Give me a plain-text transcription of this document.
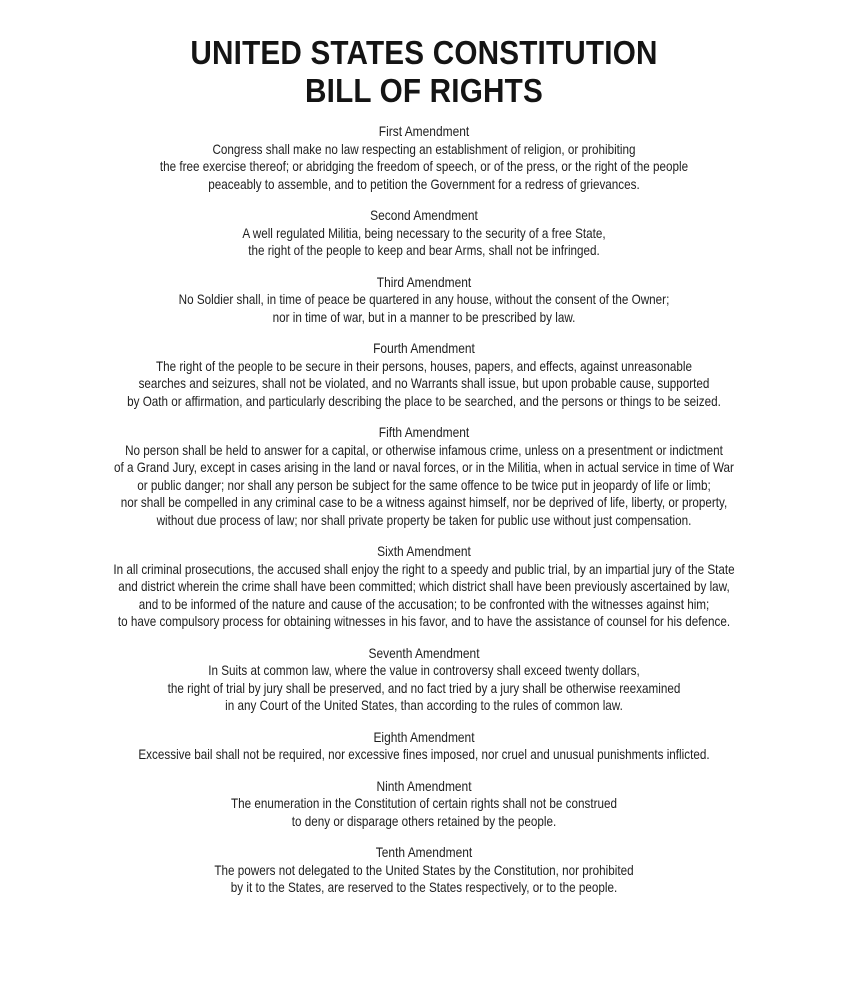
UNITED STATES CONSTITUTION
BILL OF RIGHTS
First Amendment
Congress shall make no law respecting an establishment of religion, or prohibiting
the free exercise thereof; or abridging the freedom of speech, or of the press, or the right of the people
peaceably to assemble, and to petition the Government for a redress of grievances.
Second Amendment
A well regulated Militia, being necessary to the security of a free State,
the right of the people to keep and bear Arms, shall not be infringed.
Third Amendment
No Soldier shall, in time of peace be quartered in any house, without the consent of the Owner;
nor in time of war, but in a manner to be prescribed by law.
Fourth Amendment
The right of the people to be secure in their persons, houses, papers, and effects, against unreasonable
searches and seizures, shall not be violated, and no Warrants shall issue, but upon probable cause, supported
by Oath or affirmation, and particularly describing the place to be searched, and the persons or things to be seized.
Fifth Amendment
No person shall be held to answer for a capital, or otherwise infamous crime, unless on a presentment or indictment
of a Grand Jury, except in cases arising in the land or naval forces, or in the Militia, when in actual service in time of War
or public danger; nor shall any person be subject for the same offence to be twice put in jeopardy of life or limb;
nor shall be compelled in any criminal case to be a witness against himself, nor be deprived of life, liberty, or property,
without due process of law; nor shall private property be taken for public use without just compensation.
Sixth Amendment
In all criminal prosecutions, the accused shall enjoy the right to a speedy and public trial, by an impartial jury of the State
and district wherein the crime shall have been committed; which district shall have been previously ascertained by law,
and to be informed of the nature and cause of the accusation; to be confronted with the witnesses against him;
to have compulsory process for obtaining witnesses in his favor, and to have the assistance of counsel for his defence.
Seventh Amendment
In Suits at common law, where the value in controversy shall exceed twenty dollars,
the right of trial by jury shall be preserved, and no fact tried by a jury shall be otherwise reexamined
in any Court of the United States, than according to the rules of common law.
Eighth Amendment
Excessive bail shall not be required, nor excessive fines imposed, nor cruel and unusual punishments inflicted.
Ninth Amendment
The enumeration in the Constitution of certain rights shall not be construed
to deny or disparage others retained by the people.
Tenth Amendment
The powers not delegated to the United States by the Constitution, nor prohibited
by it to the States, are reserved to the States respectively, or to the people.
